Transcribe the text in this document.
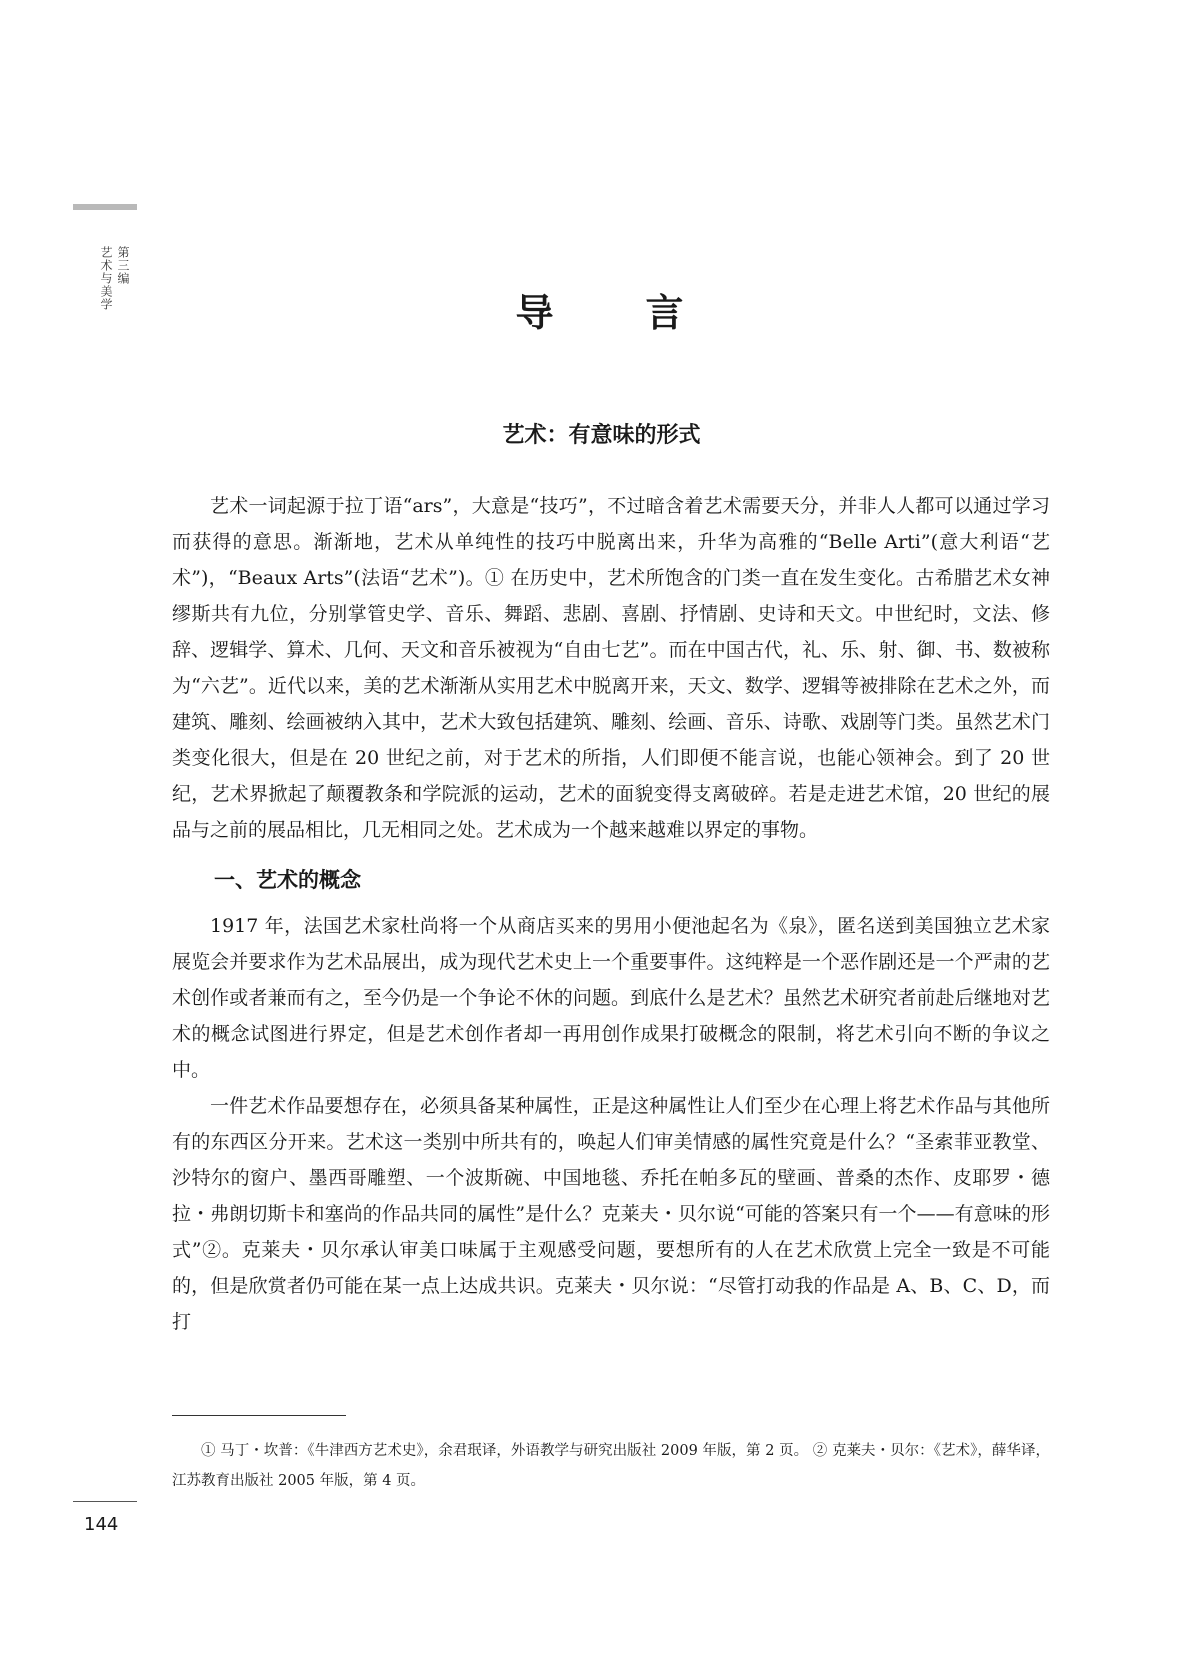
第三编
艺术与美学
导 言
艺术：有意味的形式

艺术一词起源于拉丁语“ars”，大意是“技巧”，不过暗含着艺术需要天分，并非人人都可以通过学习而获得的意思。渐渐地，艺术从单纯性的技巧中脱离出来，升华为高雅的“Belle Arti”(意大利语“艺术”)，“Beaux Arts”(法语“艺术”)。① 在历史中，艺术所饱含的门类一直在发生变化。古希腊艺术女神缪斯共有九位，分别掌管史学、音乐、舞蹈、悲剧、喜剧、抒情剧、史诗和天文。中世纪时，文法、修辞、逻辑学、算术、几何、天文和音乐被视为“自由七艺”。而在中国古代，礼、乐、射、御、书、数被称为“六艺”。近代以来，美的艺术渐渐从实用艺术中脱离开来，天文、数学、逻辑等被排除在艺术之外，而建筑、雕刻、绘画被纳入其中，艺术大致包括建筑、雕刻、绘画、音乐、诗歌、戏剧等门类。虽然艺术门类变化很大，但是在 20 世纪之前，对于艺术的所指，人们即便不能言说，也能心领神会。到了 20 世纪，艺术界掀起了颠覆教条和学院派的运动，艺术的面貌变得支离破碎。若是走进艺术馆，20 世纪的展品与之前的展品相比，几无相同之处。艺术成为一个越来越难以界定的事物。

一、艺术的概念

1917 年，法国艺术家杜尚将一个从商店买来的男用小便池起名为《泉》，匿名送到美国独立艺术家展览会并要求作为艺术品展出，成为现代艺术史上一个重要事件。这纯粹是一个恶作剧还是一个严肃的艺术创作或者兼而有之，至今仍是一个争论不休的问题。到底什么是艺术？虽然艺术研究者前赴后继地对艺术的概念试图进行界定，但是艺术创作者却一再用创作成果打破概念的限制，将艺术引向不断的争议之中。

一件艺术作品要想存在，必须具备某种属性，正是这种属性让人们至少在心理上将艺术作品与其他所有的东西区分开来。艺术这一类别中所共有的，唤起人们审美情感的属性究竟是什么？“圣索菲亚教堂、沙特尔的窗户、墨西哥雕塑、一个波斯碗、中国地毯、乔托在帕多瓦的壁画、普桑的杰作、皮耶罗・德拉・弗朗切斯卡和塞尚的作品共同的属性”是什么？克莱夫・贝尔说“可能的答案只有一个——有意味的形式”②。克莱夫・贝尔承认审美口味属于主观感受问题，要想所有的人在艺术欣赏上完全一致是不可能的，但是欣赏者仍可能在某一点上达成共识。克莱夫・贝尔说：“尽管打动我的作品是 A、B、C、D，而打

① 马丁・坎普：《牛津西方艺术史》，余君珉译，外语教学与研究出版社 2009 年版，第 2 页。 ② 克莱夫・贝尔：《艺术》，薛华译，江苏教育出版社 2005 年版，第 4 页。

144
